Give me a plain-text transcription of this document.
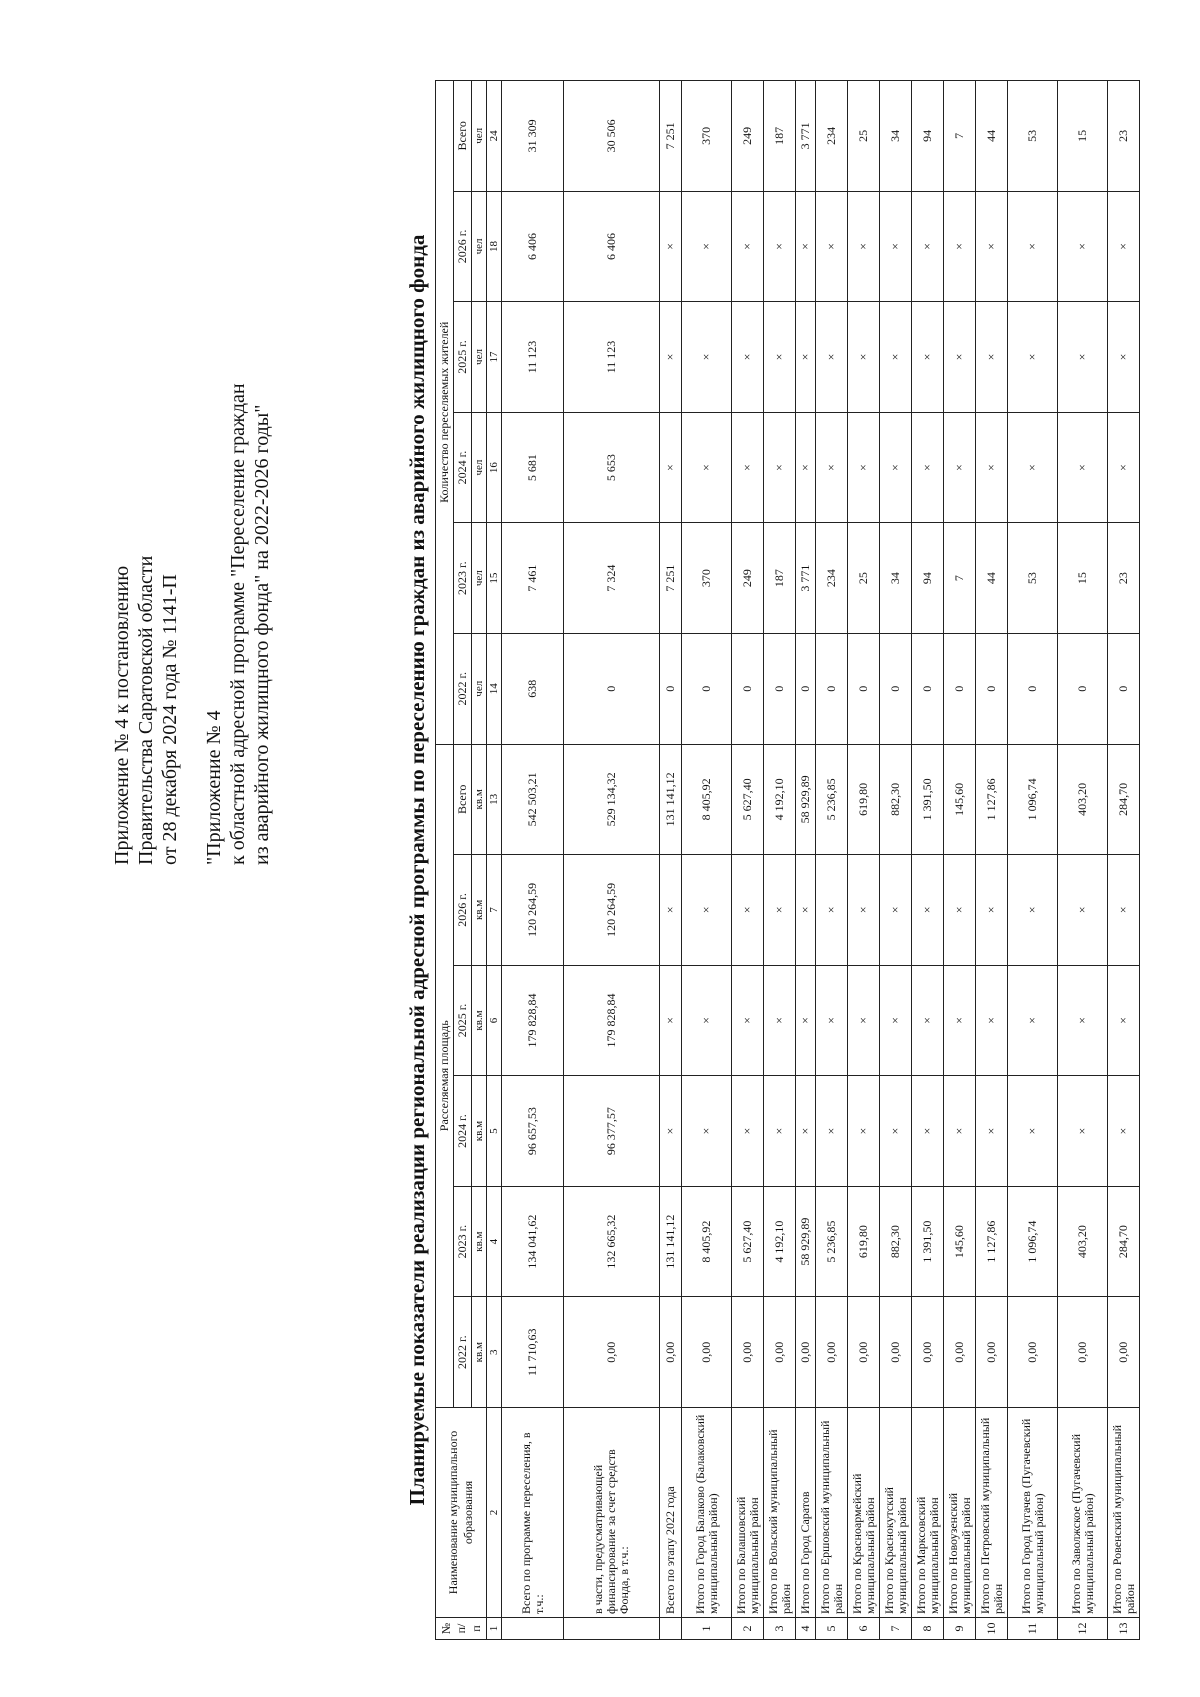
Приложение № 4 к постановлению Правительства Саратовской области от 28 декабря 2024 года № 1141-П "Приложение № 4 к областной адресной программе "Переселение граждан из аварийного жилищного фонда" на 2022-2026 годы"	Планируемые показатели реализации региональной адресной программы по переселению граждан из аварийного жилищного фонда
№ п/п	Наименование муниципального образования	Расселяемая площадь						Количество переселяемых жителей					
		2022 г.	2023 г.	2024 г.	2025 г.	2026 г.	Всего	2022 г.	2023 г.	2024 г.	2025 г.	2026 г.	Всего
		кв.м	кв.м	кв.м	кв.м	кв.м	кв.м	чел	чел	чел	чел	чел	чел
1	2	3	4	5	6	7	13	14	15	16	17	18	24
	Всего по программе переселения, в т.ч.:	11 710,63	134 041,62	96 657,53	179 828,84	120 264,59	542 503,21	638	7 461	5 681	11 123	6 406	31 309
	в части, предусматривающей финансирование за счет средств Фонда, в т.ч.:	0,00	132 665,32	96 377,57	179 828,84	120 264,59	529 134,32	0	7 324	5 653	11 123	6 406	30 506
	Всего по этапу 2022 года	0,00	131 141,12	×	×	×	131 141,12	0	7 251	×	×	×	7 251
1	Итого по Город Балаково (Балаковский муниципальный район)	0,00	8 405,92	×	×	×	8 405,92	0	370	×	×	×	370
2	Итого по Балашовский муниципальный район	0,00	5 627,40	×	×	×	5 627,40	0	249	×	×	×	249
3	Итого по Вольский муниципальный район	0,00	4 192,10	×	×	×	4 192,10	0	187	×	×	×	187
4	Итого по Город Саратов	0,00	58 929,89	×	×	×	58 929,89	0	3 771	×	×	×	3 771
5	Итого по Ершовский муниципальный район	0,00	5 236,85	×	×	×	5 236,85	0	234	×	×	×	234
6	Итого по Красноармейский муниципальный район	0,00	619,80	×	×	×	619,80	0	25	×	×	×	25
7	Итого по Краснокутский муниципальный район	0,00	882,30	×	×	×	882,30	0	34	×	×	×	34
8	Итого по Марксовский муниципальный район	0,00	1 391,50	×	×	×	1 391,50	0	94	×	×	×	94
9	Итого по Новоузенский муниципальный район	0,00	145,60	×	×	×	145,60	0	7	×	×	×	7
10	Итого по Петровский муниципальный район	0,00	1 127,86	×	×	×	1 127,86	0	44	×	×	×	44
11	Итого по Город Пугачев (Пугачевский муниципальный район)	0,00	1 096,74	×	×	×	1 096,74	0	53	×	×	×	53
12	Итого по Заволжское (Пугачевский муниципальный район)	0,00	403,20	×	×	×	403,20	0	15	×	×	×	15
13	Итого по Ровенский муниципальный район	0,00	284,70	×	×	×	284,70	0	23	×	×	×	23
